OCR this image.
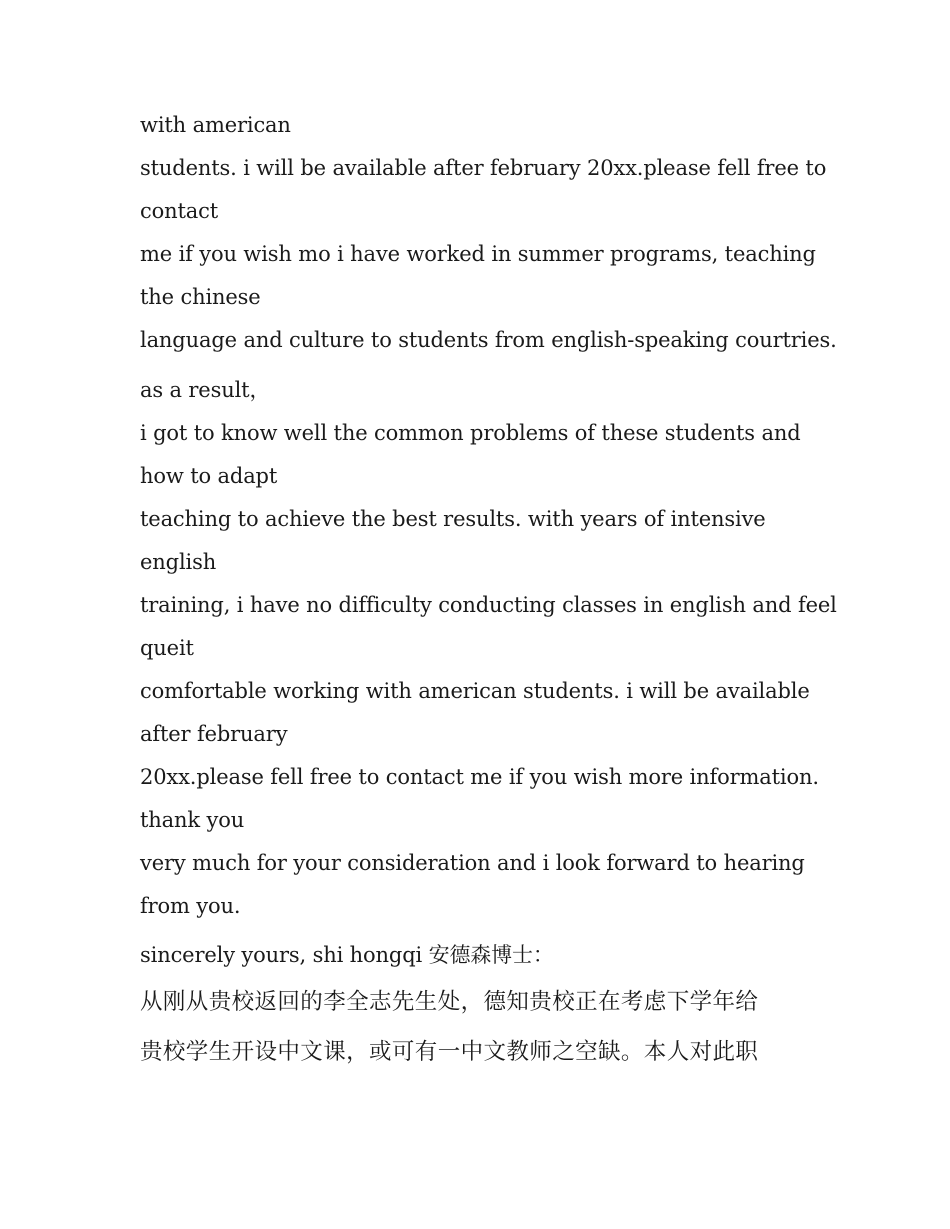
with american
students. i will be available after february 20xx.please fell free to
contact
me if you wish mo i have worked in summer programs, teaching
the chinese
language and culture to students from english-speaking courtries.
as a result，
i got to know well the common problems of these students and
how to adapt
teaching to achieve the best results. with years of intensive
english
training, i have no difficulty conducting classes in english and feel
queit
comfortable working with american students. i will be available
after february
20xx.please fell free to contact me if you wish more information.
thank you
very much for your consideration and i look forward to hearing
from you.
sincerely yours, shi hongqi 安德森博士：
从刚从贵校返回的李全志先生处，德知贵校正在考虑下学年给
贵校学生开设中文课，或可有一中文教师之空缺。本人对此职
